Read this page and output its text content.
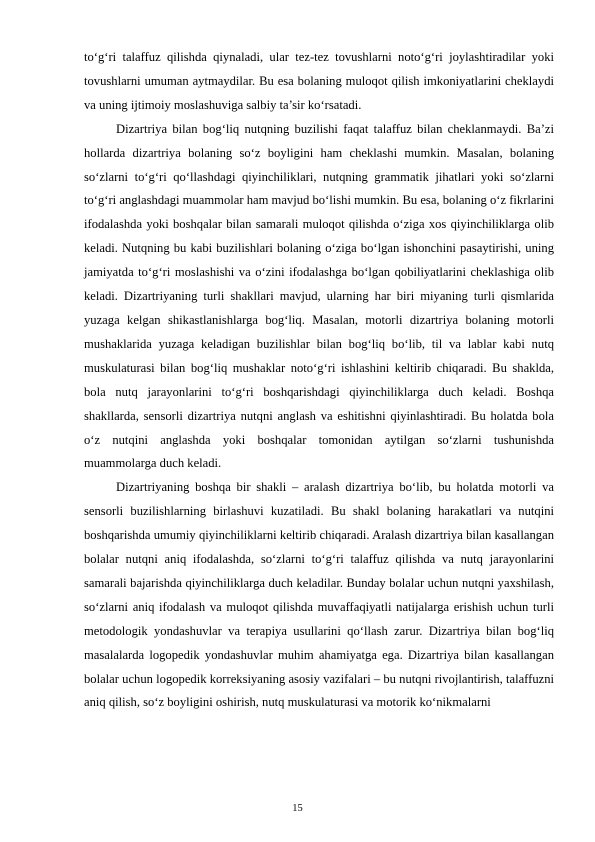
to‘g‘ri talaffuz qilishda qiynaladi, ular tez-tez tovushlarni noto‘g‘ri joylashtiradilar yoki tovushlarni umuman aytmaydilar. Bu esa bolaning muloqot qilish imkoniyatlarini cheklaydi va uning ijtimoiy moslashuviga salbiy ta’sir ko‘rsatadi.

Dizartriya bilan bog‘liq nutqning buzilishi faqat talaffuz bilan cheklanmaydi. Ba’zi hollarda dizartriya bolaning so‘z boyligini ham cheklashi mumkin. Masalan, bolaning so‘zlarni to‘g‘ri qo‘llashdagi qiyinchiliklari, nutqning grammatik jihatlari yoki so‘zlarni to‘g‘ri anglashdagi muammolar ham mavjud bo‘lishi mumkin. Bu esa, bolaning o‘z fikrlarini ifodalashda yoki boshqalar bilan samarali muloqot qilishda o‘ziga xos qiyinchiliklarga olib keladi. Nutqning bu kabi buzilishlari bolaning o‘ziga bo‘lgan ishonchini pasaytirishi, uning jamiyatda to‘g‘ri moslashishi va o‘zini ifodalashga bo‘lgan qobiliyatlarini cheklashiga olib keladi. Dizartriyaning turli shakllari mavjud, ularning har biri miyaning turli qismlarida yuzaga kelgan shikastlanishlarga bog‘liq. Masalan, motorli dizartriya bolaning motorli mushaklarida yuzaga keladigan buzilishlar bilan bog‘liq bo‘lib, til va lablar kabi nutq muskulaturasi bilan bog‘liq mushaklar noto‘g‘ri ishlashini keltirib chiqaradi. Bu shaklda, bola nutq jarayonlarini to‘g‘ri boshqarishdagi qiyinchiliklarga duch keladi. Boshqa shakllarda, sensorli dizartriya nutqni anglash va eshitishni qiyinlashtiradi. Bu holatda bola o‘z nutqini anglashda yoki boshqalar tomonidan aytilgan so‘zlarni tushunishda muammolarga duch keladi.

Dizartriyaning boshqa bir shakli – aralash dizartriya bo‘lib, bu holatda motorli va sensorli buzilishlarning birlashuvi kuzatiladi. Bu shakl bolaning harakatlari va nutqini boshqarishda umumiy qiyinchiliklarni keltirib chiqaradi. Aralash dizartriya bilan kasallangan bolalar nutqni aniq ifodalashda, so‘zlarni to‘g‘ri talaffuz qilishda va nutq jarayonlarini samarali bajarishda qiyinchiliklarga duch keladilar. Bunday bolalar uchun nutqni yaxshilash, so‘zlarni aniq ifodalash va muloqot qilishda muvaffaqiyatli natijalarga erishish uchun turli metodologik yondashuvlar va terapiya usullarini qo‘llash zarur. Dizartriya bilan bog‘liq masalalarda logopedik yondashuvlar muhim ahamiyatga ega. Dizartriya bilan kasallangan bolalar uchun logopedik korreksiyaning asosiy vazifalari – bu nutqni rivojlantirish, talaffuzni aniq qilish, so‘z boyligini oshirish, nutq muskulaturasi va motorik ko‘nikmalarni

15
